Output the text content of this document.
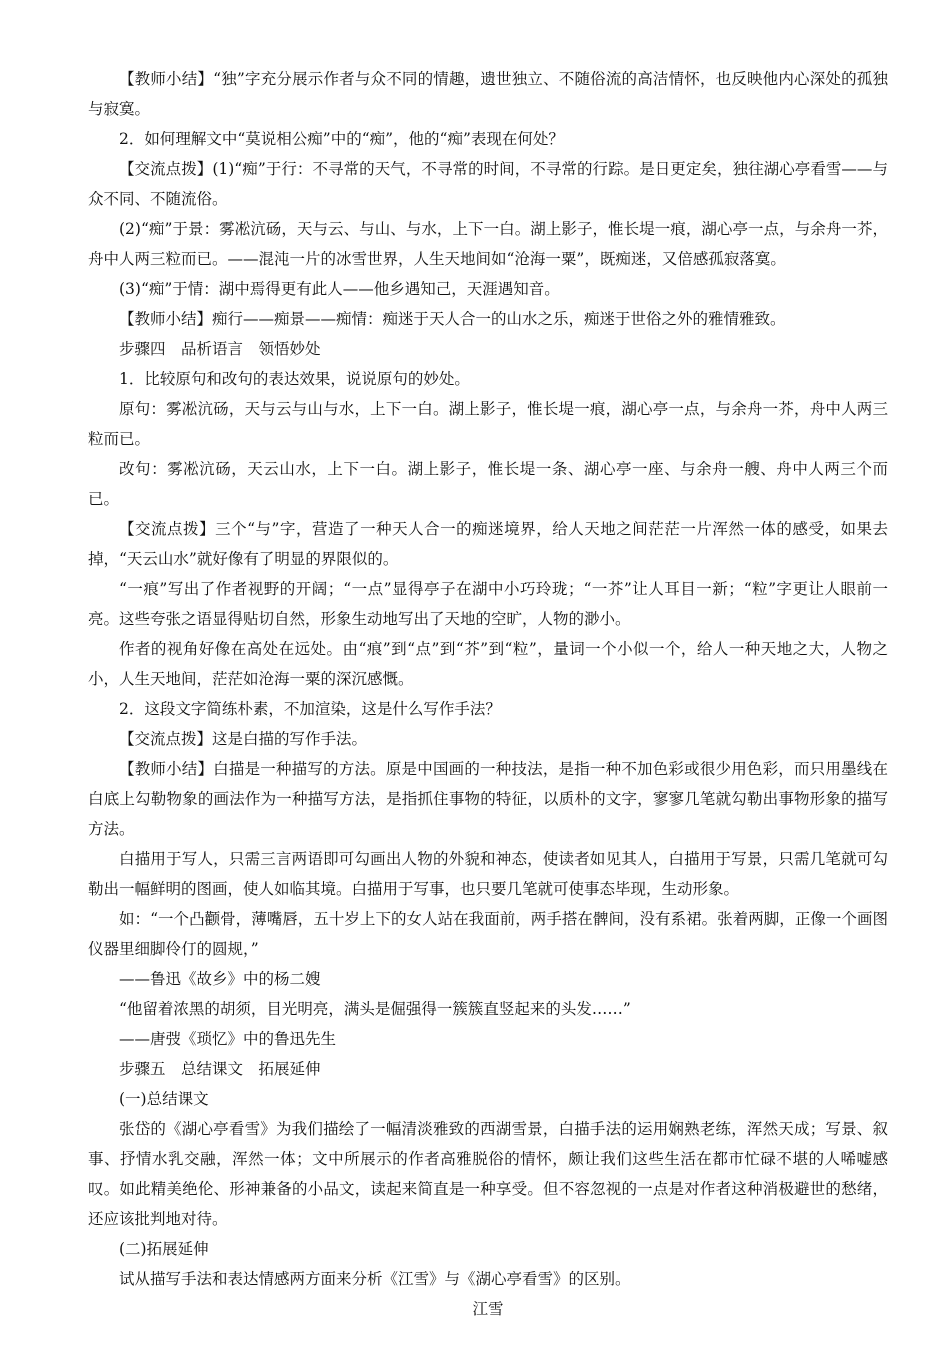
【教师小结】“独”字充分展示作者与众不同的情趣，遗世独立、不随俗流的高洁情怀，也反映他内心深处的孤独与寂寞。

2．如何理解文中“莫说相公痴”中的“痴”，他的“痴”表现在何处？

【交流点拨】(1)“痴”于行：不寻常的天气，不寻常的时间，不寻常的行踪。是日更定矣，独往湖心亭看雪——与众不同、不随流俗。

(2)“痴”于景：雾凇沆砀，天与云、与山、与水，上下一白。湖上影子，惟长堤一痕，湖心亭一点，与余舟一芥，舟中人两三粒而已。——混沌一片的冰雪世界，人生天地间如“沧海一粟”，既痴迷，又倍感孤寂落寞。

(3)“痴”于情：湖中焉得更有此人——他乡遇知己，天涯遇知音。

【教师小结】痴行——痴景——痴情：痴迷于天人合一的山水之乐，痴迷于世俗之外的雅情雅致。

步骤四　品析语言　领悟妙处

1．比较原句和改句的表达效果，说说原句的妙处。

原句：雾凇沆砀，天与云与山与水，上下一白。湖上影子，惟长堤一痕，湖心亭一点，与余舟一芥，舟中人两三粒而已。

改句：雾凇沆砀，天云山水，上下一白。湖上影子，惟长堤一条、湖心亭一座、与余舟一艘、舟中人两三个而已。

【交流点拨】三个“与”字，营造了一种天人合一的痴迷境界，给人天地之间茫茫一片浑然一体的感受，如果去掉，“天云山水”就好像有了明显的界限似的。

“一痕”写出了作者视野的开阔；“一点”显得亭子在湖中小巧玲珑；“一芥”让人耳目一新；“粒”字更让人眼前一亮。这些夸张之语显得贴切自然，形象生动地写出了天地的空旷，人物的渺小。

作者的视角好像在高处在远处。由“痕”到“点”到“芥”到“粒”，量词一个小似一个，给人一种天地之大，人物之小，人生天地间，茫茫如沧海一粟的深沉感慨。

2．这段文字简练朴素，不加渲染，这是什么写作手法？

【交流点拨】这是白描的写作手法。

【教师小结】白描是一种描写的方法。原是中国画的一种技法，是指一种不加色彩或很少用色彩，而只用墨线在白底上勾勒物象的画法作为一种描写方法，是指抓住事物的特征，以质朴的文字，寥寥几笔就勾勒出事物形象的描写方法。

白描用于写人，只需三言两语即可勾画出人物的外貌和神态，使读者如见其人，白描用于写景，只需几笔就可勾勒出一幅鲜明的图画，使人如临其境。白描用于写事，也只要几笔就可使事态毕现，生动形象。

如：“一个凸颧骨，薄嘴唇，五十岁上下的女人站在我面前，两手搭在髀间，没有系裙。张着两脚，正像一个画图仪器里细脚伶仃的圆规，”

——鲁迅《故乡》中的杨二嫂

“他留着浓黑的胡须，目光明亮，满头是倔强得一簇簇直竖起来的头发……”

——唐弢《琐忆》中的鲁迅先生

步骤五　总结课文　拓展延伸

(一)总结课文

张岱的《湖心亭看雪》为我们描绘了一幅清淡雅致的西湖雪景，白描手法的运用娴熟老练，浑然天成；写景、叙事、抒情水乳交融，浑然一体；文中所展示的作者高雅脱俗的情怀，颇让我们这些生活在都市忙碌不堪的人唏嘘感叹。如此精美绝伦、形神兼备的小品文，读起来简直是一种享受。但不容忽视的一点是对作者这种消极避世的愁绪，还应该批判地对待。

(二)拓展延伸

试从描写手法和表达情感两方面来分析《江雪》与《湖心亭看雪》的区别。

江雪
